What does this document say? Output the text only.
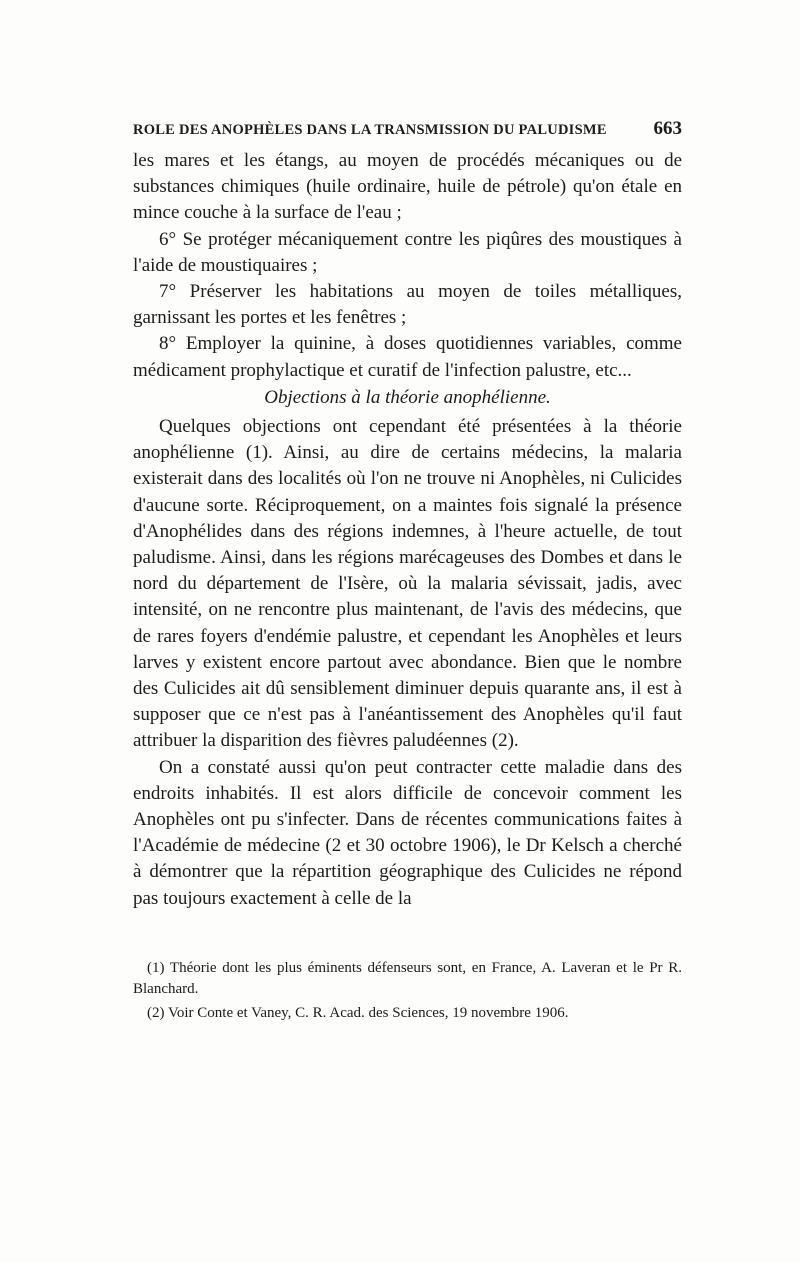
ROLE DES ANOPHÈLES DANS LA TRANSMISSION DU PALUDISME 663

les mares et les étangs, au moyen de procédés mécaniques ou de substances chimiques (huile ordinaire, huile de pétrole) qu'on étale en mince couche à la surface de l'eau ;

6° Se protéger mécaniquement contre les piqûres des moustiques à l'aide de moustiquaires ;

7° Préserver les habitations au moyen de toiles métalliques, garnissant les portes et les fenêtres ;

8° Employer la quinine, à doses quotidiennes variables, comme médicament prophylactique et curatif de l'infection palustre, etc...

Objections à la théorie anophélienne.

Quelques objections ont cependant été présentées à la théorie anophélienne (1). Ainsi, au dire de certains médecins, la malaria existerait dans des localités où l'on ne trouve ni Anophèles, ni Culicides d'aucune sorte. Réciproquement, on a maintes fois signalé la présence d'Anophélides dans des régions indemnes, à l'heure actuelle, de tout paludisme. Ainsi, dans les régions marécageuses des Dombes et dans le nord du département de l'Isère, où la malaria sévissait, jadis, avec intensité, on ne rencontre plus maintenant, de l'avis des médecins, que de rares foyers d'endémie palustre, et cependant les Anophèles et leurs larves y existent encore partout avec abondance. Bien que le nombre des Culicides ait dû sensiblement diminuer depuis quarante ans, il est à supposer que ce n'est pas à l'anéantissement des Anophèles qu'il faut attribuer la disparition des fièvres paludéennes (2).

On a constaté aussi qu'on peut contracter cette maladie dans des endroits inhabités. Il est alors difficile de concevoir comment les Anophèles ont pu s'infecter. Dans de récentes communications faites à l'Académie de médecine (2 et 30 octobre 1906), le Dr Kelsch a cherché à démontrer que la répartition géographique des Culicides ne répond pas toujours exactement à celle de la

(1) Théorie dont les plus éminents défenseurs sont, en France, A. Laveran et le Pr R. Blanchard.

(2) Voir Conte et Vaney, C. R. Acad. des Sciences, 19 novembre 1906.
